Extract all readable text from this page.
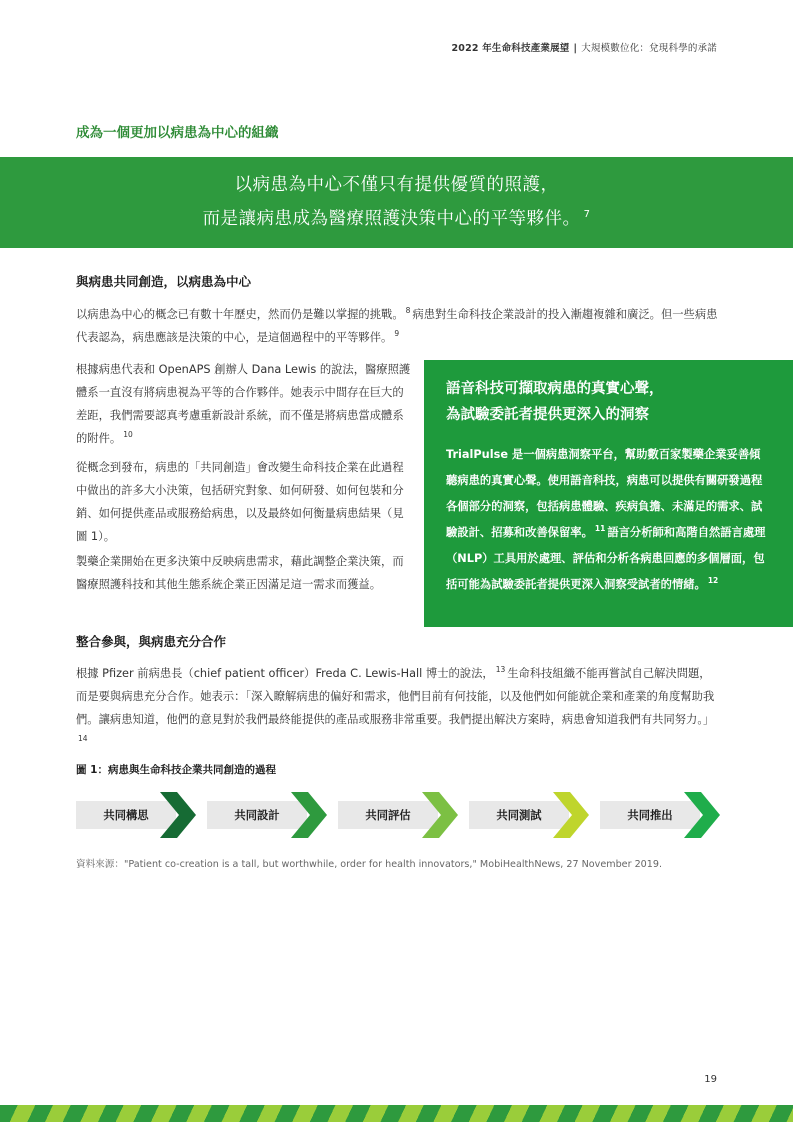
2022 年生命科技產業展望 | 大規模數位化：兌現科學的承諾
成為一個更加以病患為中心的組織
以病患為中心不僅只有提供優質的照護，
而是讓病患成為醫療照護決策中心的平等夥伴。 $^7$
與病患共同創造，以病患為中心

以病患為中心的概念已有數十年歷史，然而仍是難以掌握的挑戰。 $^8$ 病患對生命科技企業設計的投入漸趨複雜和廣泛。但一些病患代表認為，病患應該是決策的中心，是這個過程中的平等夥伴。 $^9$

根據病患代表和 OpenAPS 創辦人 Dana Lewis 的說法，醫療照護體系一直沒有將病患視為平等的合作夥伴。她表示中間存在巨大的差距，我們需要認真考慮重新設計系統，而不僅是將病患當成體系的附件。 $^{10}$

從概念到發布，病患的「共同創造」會改變生命科技企業在此過程中做出的許多大小決策，包括研究對象、如何研發、如何包裝和分銷、如何提供產品或服務給病患，以及最終如何衡量病患結果（見圖 1）。

製藥企業開始在更多決策中反映病患需求，藉此調整企業決策，而醫療照護科技和其他生態系統企業正因滿足這一需求而獲益。

語音科技可擷取病患的真實心聲，
為試驗委託者提供更深入的洞察

TrialPulse 是一個病患洞察平台，幫助數百家製藥企業妥善傾聽病患的真實心聲。使用語音科技，病患可以提供有關研發過程各個部分的洞察，包括病患體驗、疾病負擔、未滿足的需求、試驗設計、招募和改善保留率。 $^{11}$ 語言分析師和高階自然語言處理（NLP）工具用於處理、評估和分析各病患回應的多個層面，包括可能為試驗委託者提供更深入洞察受試者的情緒。 $^{12}$

整合參與，與病患充分合作

根據 Pfizer 前病患長（chief patient officer）Freda C. Lewis-Hall 博士的說法， $^{13}$ 生命科技組織不能再嘗試自己解決問題，而是要與病患充分合作。她表示：「深入瞭解病患的偏好和需求，他們目前有何技能，以及他們如何能就企業和產業的角度幫助我們。讓病患知道，他們的意見對於我們最終能提供的產品或服務非常重要。我們提出解決方案時，病患會知道我們有共同努力。」$^{14}$

圖 1：病患與生命科技企業共同創造的過程
共同構思	共同設計	共同評估	共同測試	共同推出
資料來源："Patient co-creation is a tall, but worthwhile, order for health innovators," MobiHealthNews, 27 November 2019.
19
